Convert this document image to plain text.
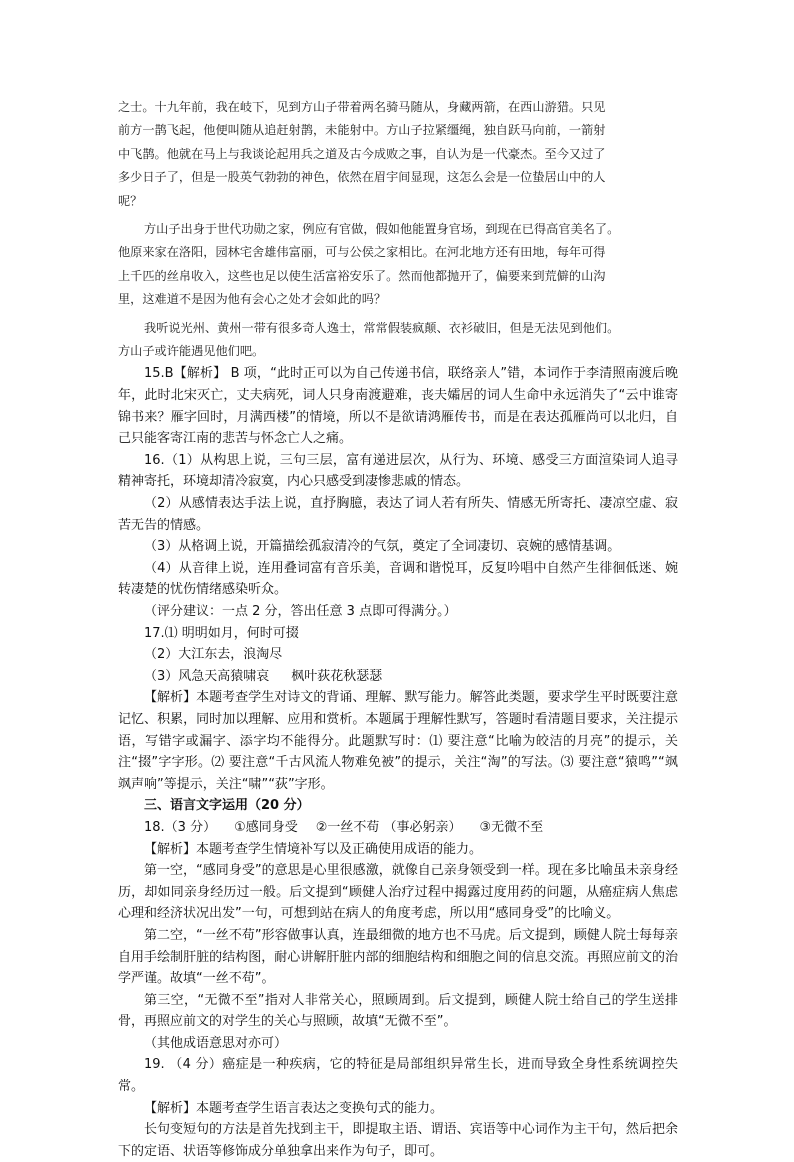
之士。十九年前，我在岐下，见到方山子带着两名骑马随从，身藏两箭，在西山游猎。只见

前方一鹊飞起，他便叫随从追赶射鹊，未能射中。方山子拉紧缰绳，独自跃马向前，一箭射

中飞鹊。他就在马上与我谈论起用兵之道及古今成败之事，自认为是一代豪杰。至今又过了

多少日子了，但是一股英气勃勃的神色，依然在眉宇间显现，这怎么会是一位蛰居山中的人

呢？

方山子出身于世代功勋之家，例应有官做，假如他能置身官场，到现在已得高官美名了。

他原来家在洛阳，园林宅舍雄伟富丽，可与公侯之家相比。在河北地方还有田地，每年可得

上千匹的丝帛收入，这些也足以使生活富裕安乐了。然而他都抛开了，偏要来到荒僻的山沟

里，这难道不是因为他有会心之处才会如此的吗？

我听说光州、黄州一带有很多奇人逸士，常常假装疯颠、衣衫破旧，但是无法见到他们。

方山子或许能遇见他们吧。

15.B【解析】 B 项，“此时正可以为自己传递书信，联络亲人”错，本词作于李清照南渡后晚年，此时北宋灭亡，丈夫病死，词人只身南渡避难，丧夫孀居的词人生命中永远消失了“云中谁寄锦书来？雁字回时，月满西楼”的情境，所以不是欲请鸿雁传书，而是在表达孤雁尚可以北归，自己只能客寄江南的悲苦与怀念亡人之痛。

16.（1）从构思上说，三句三层，富有递进层次，从行为、环境、感受三方面渲染词人追寻精神寄托，环境却清冷寂寞，内心只感受到凄惨悲戚的情态。

（2）从感情表达手法上说，直抒胸臆，表达了词人若有所失、情感无所寄托、凄凉空虚、寂苦无告的情感。

（3）从格调上说，开篇描绘孤寂清冷的气氛，奠定了全词凄切、哀婉的感情基调。

（4）从音律上说，连用叠词富有音乐美，音调和谐悦耳，反复吟唱中自然产生徘徊低迷、婉转凄楚的忧伤情绪感染听众。

（评分建议：一点 2 分，答出任意 3 点即可得满分。）

17.⑴ 明明如月，何时可掇

（2）大江东去，浪淘尽

（3）风急天高猿啸哀 枫叶荻花秋瑟瑟

【解析】本题考查学生对诗文的背诵、理解、默写能力。解答此类题，要求学生平时既要注意记忆、积累，同时加以理解、应用和赏析。本题属于理解性默写，答题时看清题目要求，关注提示语，写错字或漏字、添字均不能得分。此题默写时：⑴ 要注意“比喻为皎洁的月亮”的提示，关注“掇”字字形。⑵ 要注意“千古风流人物难免被”的提示，关注“淘”的写法。⑶ 要注意“猿鸣”“飒飒声响”等提示，关注“啸”“荻”字形。

三、语言文字运用（20 分）

18.（3 分） ①感同身受 ②一丝不苟 （事必躬亲） ③无微不至

【解析】本题考查学生情境补写以及正确使用成语的能力。

第一空，“感同身受”的意思是心里很感激，就像自己亲身领受到一样。现在多比喻虽未亲身经历，却如同亲身经历过一般。后文提到“顾健人治疗过程中揭露过度用药的问题，从癌症病人焦虑心理和经济状况出发”一句，可想到站在病人的角度考虑，所以用“感同身受”的比喻义。

第二空，“一丝不苟”形容做事认真，连最细微的地方也不马虎。后文提到，顾健人院士每每亲自用手绘制肝脏的结构图，耐心讲解肝脏内部的细胞结构和细胞之间的信息交流。再照应前文的治学严谨。故填“一丝不苟”。

第三空，“无微不至”指对人非常关心，照顾周到。后文提到，顾健人院士给自己的学生送排骨，再照应前文的对学生的关心与照顾，故填“无微不至”。

（其他成语意思对亦可）

19. （4 分）癌症是一种疾病，它的特征是局部组织异常生长，进而导致全身性系统调控失常。

【解析】本题考查学生语言表达之变换句式的能力。

长句变短句的方法是首先找到主干，即提取主语、谓语、宾语等中心词作为主干句，然后把余下的定语、状语等修饰成分单独拿出来作为句子，即可。
